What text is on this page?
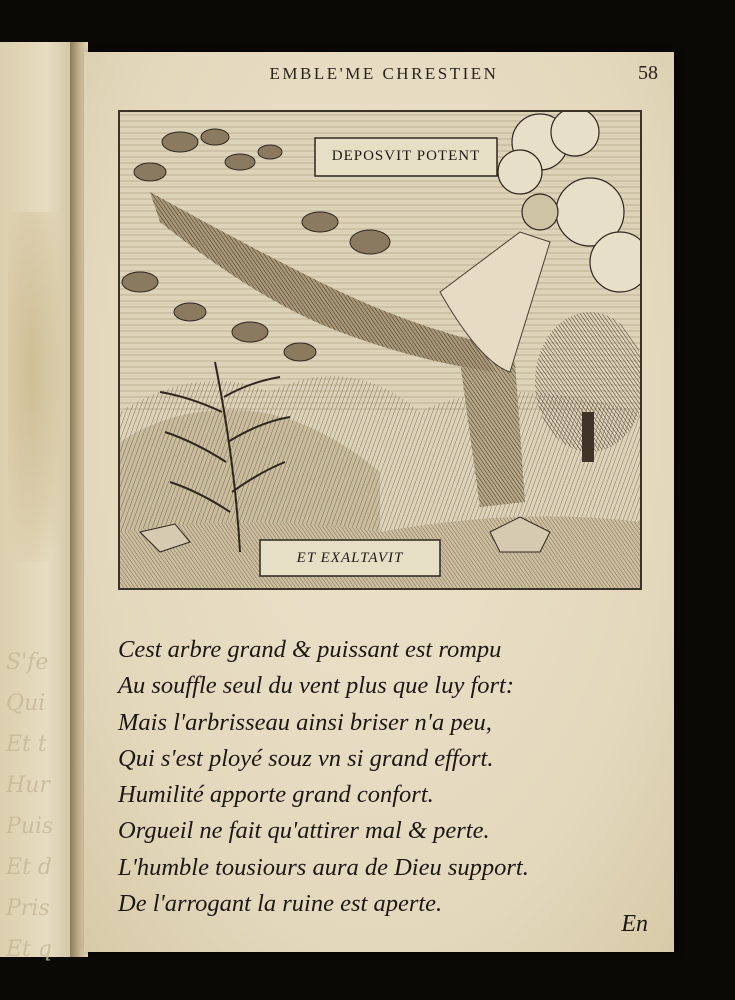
S'fe
Qui
Et t
Hur
Puis
Et d
Pris
Et q
EMBLE'ME CHRESTIEN	58
DEPOSVIT POTENT
ET EXALTAVIT
Cest arbre grand & puissant est rompu
Au souffle seul du vent plus que luy fort:
Mais l'arbrisseau ainsi briser n'a peu,
Qui s'est ployé souz vn si grand effort.
Humilité apporte grand confort.
Orgueil ne fait qu'attirer mal & perte.
L'humble tousiours aura de Dieu support.
De l'arrogant la ruine est aperte.
En
